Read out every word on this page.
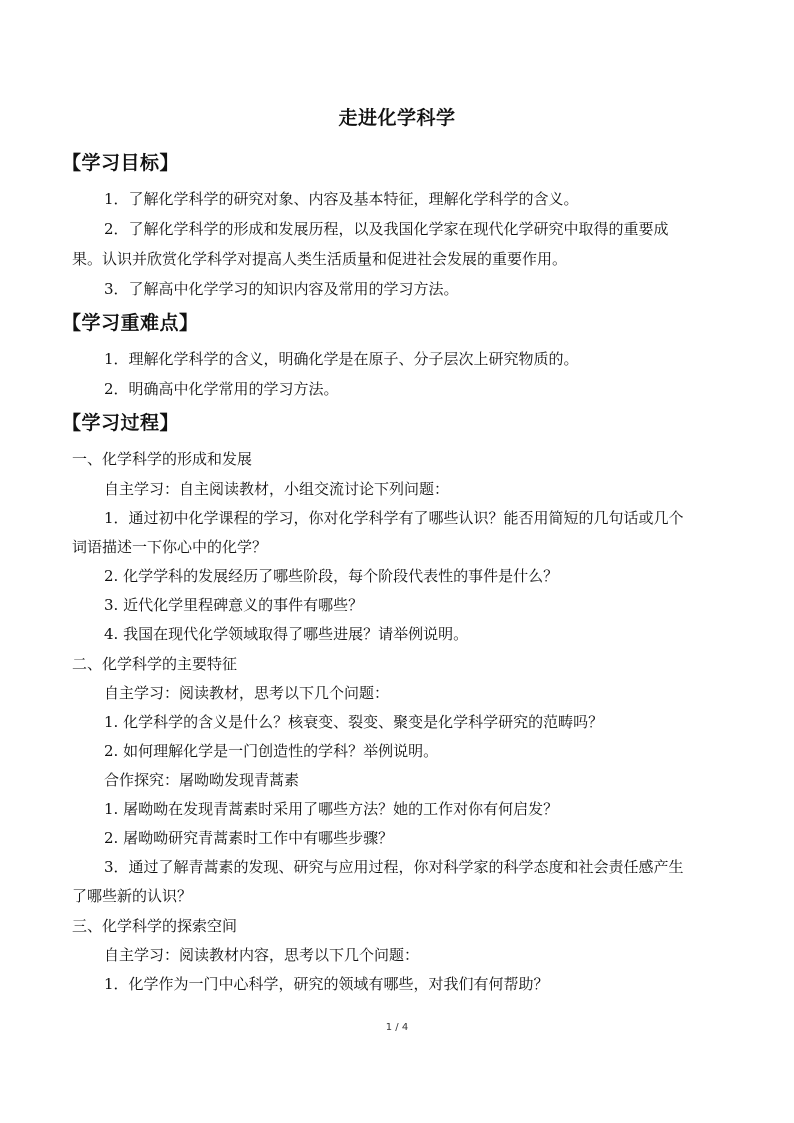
走进化学科学
【学习目标】
1．了解化学科学的研究对象、内容及基本特征，理解化学科学的含义。
2．了解化学科学的形成和发展历程，以及我国化学家在现代化学研究中取得的重要成
果。认识并欣赏化学科学对提高人类生活质量和促进社会发展的重要作用。
3．了解高中化学学习的知识内容及常用的学习方法。
【学习重难点】
1．理解化学科学的含义，明确化学是在原子、分子层次上研究物质的。
2．明确高中化学常用的学习方法。
【学习过程】
一、化学科学的形成和发展
自主学习：自主阅读教材，小组交流讨论下列问题：
1．通过初中化学课程的学习，你对化学科学有了哪些认识？能否用简短的几句话或几个
词语描述一下你心中的化学？
2. 化学学科的发展经历了哪些阶段，每个阶段代表性的事件是什么？
3. 近代化学里程碑意义的事件有哪些？
4. 我国在现代化学领域取得了哪些进展？请举例说明。
二、化学科学的主要特征
自主学习：阅读教材，思考以下几个问题：
1. 化学科学的含义是什么？核衰变、裂变、聚变是化学科学研究的范畴吗？
2. 如何理解化学是一门创造性的学科？举例说明。
合作探究：屠呦呦发现青蒿素
1. 屠呦呦在发现青蒿素时采用了哪些方法？她的工作对你有何启发？
2. 屠呦呦研究青蒿素时工作中有哪些步骤？
3．通过了解青蒿素的发现、研究与应用过程，你对科学家的科学态度和社会责任感产生
了哪些新的认识？
三、化学科学的探索空间
自主学习：阅读教材内容，思考以下几个问题：
1．化学作为一门中心科学，研究的领域有哪些，对我们有何帮助？
1 / 4
